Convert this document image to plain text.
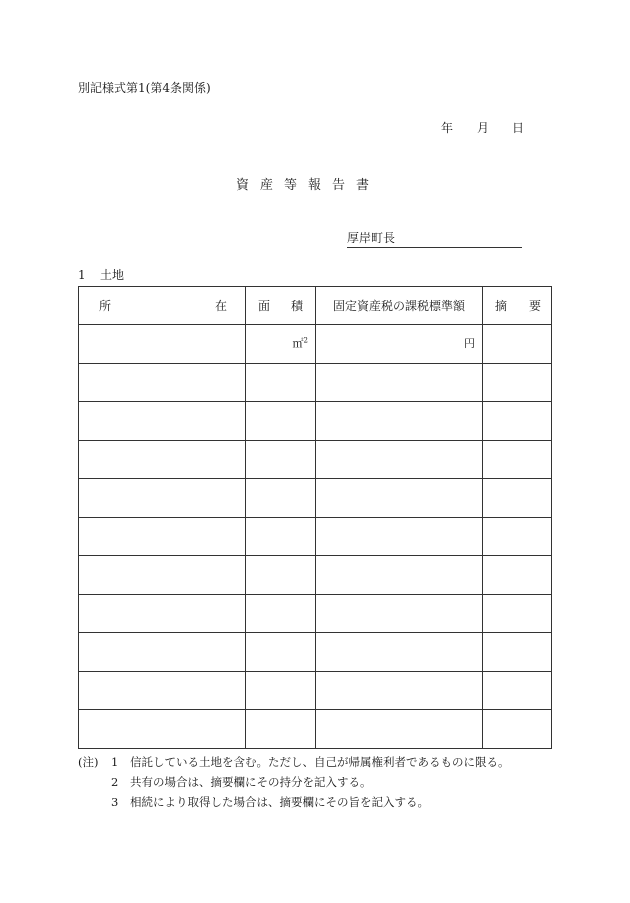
別記様式第1(第4条関係)
年 月 日
資産等報告書
厚岸町長
1 土地
所 在	面 積	固定資産税の課税標準額	摘 要

	㎡$^2$	円	

(注)	1	信託している土地を含む。ただし、自己が帰属権利者であるものに限る。
2	共有の場合は、摘要欄にその持分を記入する。
3	相続により取得した場合は、摘要欄にその旨を記入する。
